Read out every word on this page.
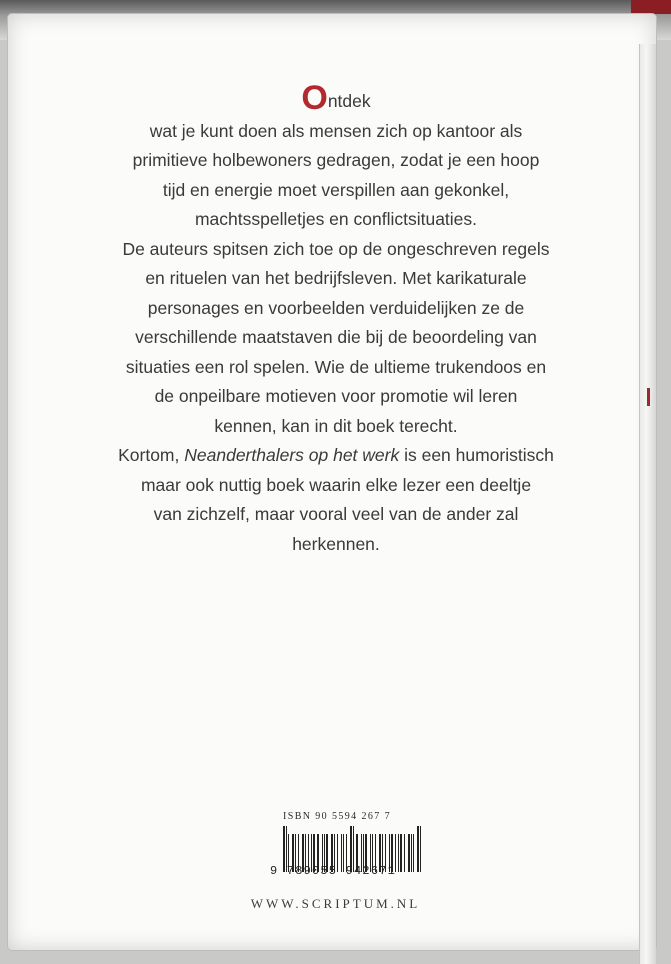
Ontdek
wat je kunt doen als mensen zich op kantoor als
primitieve holbewoners gedragen, zodat je een hoop
tijd en energie moet verspillen aan gekonkel,
machtsspelletjes en conflictsituaties.
De auteurs spitsen zich toe op de ongeschreven regels
en rituelen van het bedrijfsleven. Met karikaturale
personages en voorbeelden verduidelijken ze de
verschillende maatstaven die bij de beoordeling van
situaties een rol spelen. Wie de ultieme trukendoos en
de onpeilbare motieven voor promotie wil leren
kennen, kan in dit boek terecht.
Kortom, Neanderthalers op het werk is een humoristisch
maar ook nuttig boek waarin elke lezer een deeltje
van zichzelf, maar vooral veel van de ander zal
herkennen.
ISBN 90 5594 267 7
9 789055 942671
WWW.SCRIPTUM.NL
